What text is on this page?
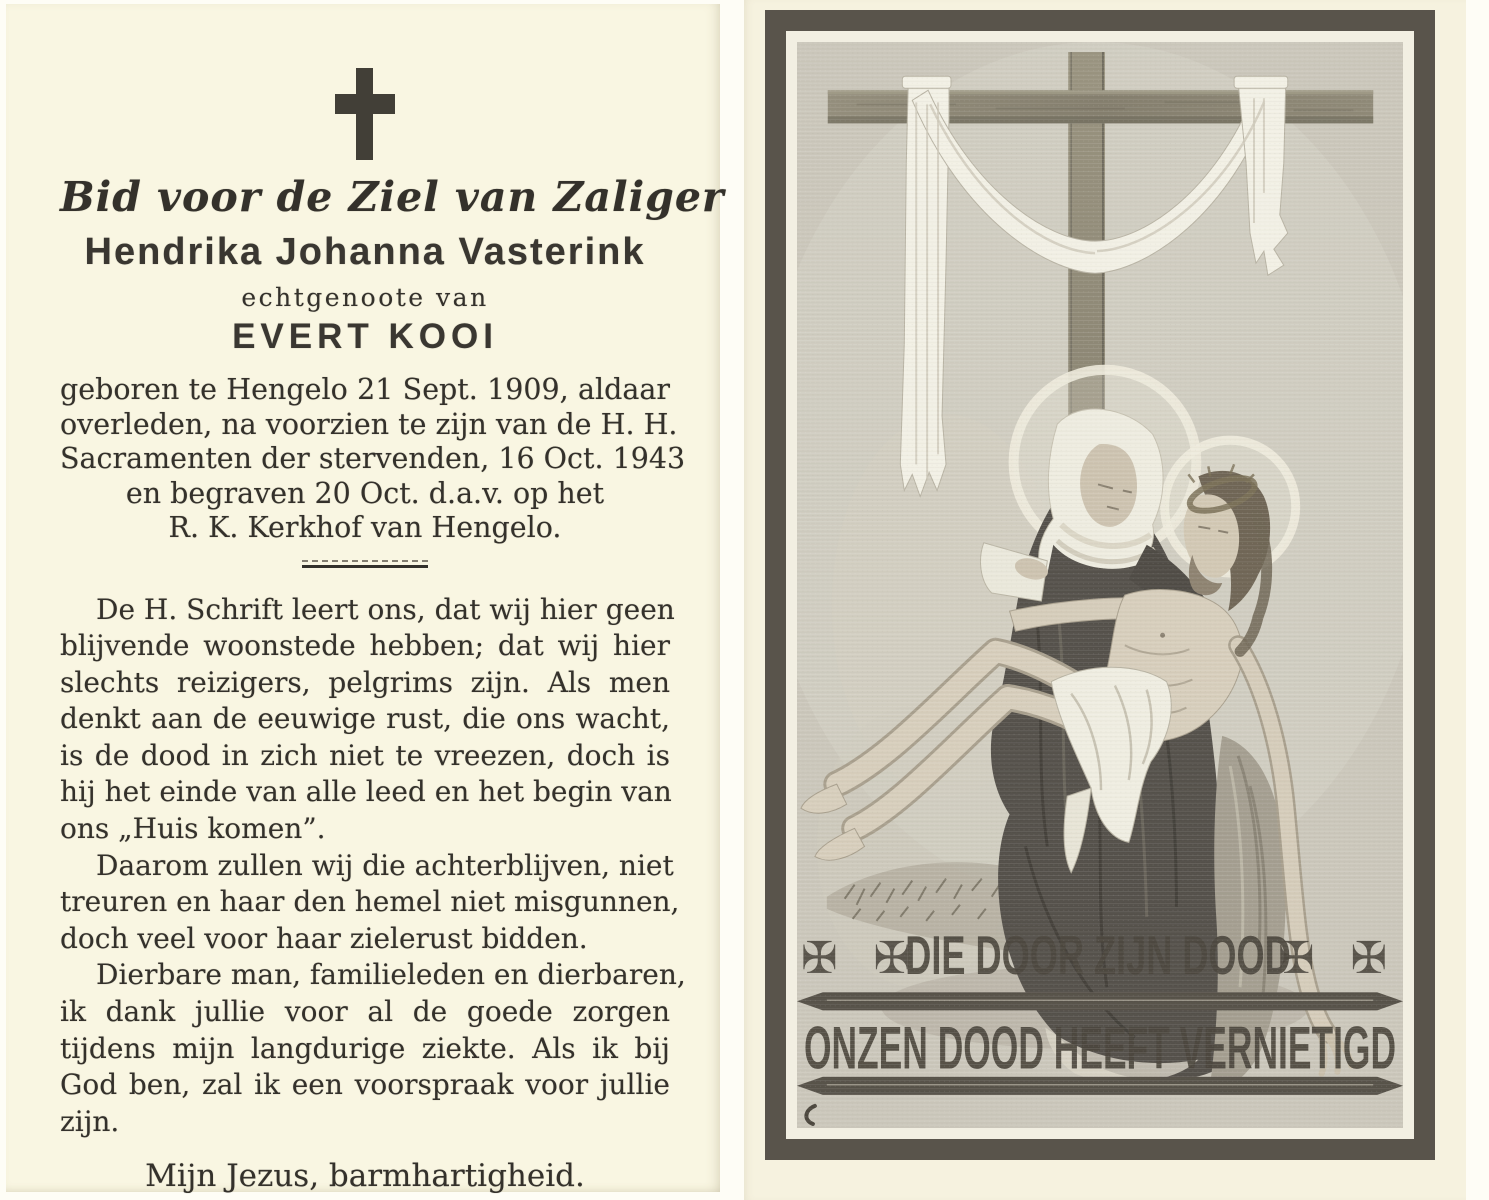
Bid voor de Ziel van Zaliger
Hendrika Johanna Vasterink
echtgenoote van
EVERT KOOI
geboren te Hengelo 21 Sept. 1909, aldaar
overleden, na voorzien te zijn van de H. H.
Sacramenten der stervenden, 16 Oct. 1943
en begraven 20 Oct. d.a.v. op het
R. K. Kerkhof van Hengelo.
De H. Schrift leert ons, dat wij hier geen
blijvende woonstede hebben; dat wij hier
slechts reizigers, pelgrims zijn. Als men
denkt aan de eeuwige rust, die ons wacht,
is de dood in zich niet te vreezen, doch is
hij het einde van alle leed en het begin van
ons „Huis komen”.
Daarom zullen wij die achterblijven, niet
treuren en haar den hemel niet misgunnen,
doch veel voor haar zielerust bidden.
Dierbare man, familieleden en dierbaren,
ik dank jullie voor al de goede zorgen
tijdens mijn langdurige ziekte. Als ik bij
God ben, zal ik een voorspraak voor jullie
zijn.
Mijn Jezus, barmhartigheid.
